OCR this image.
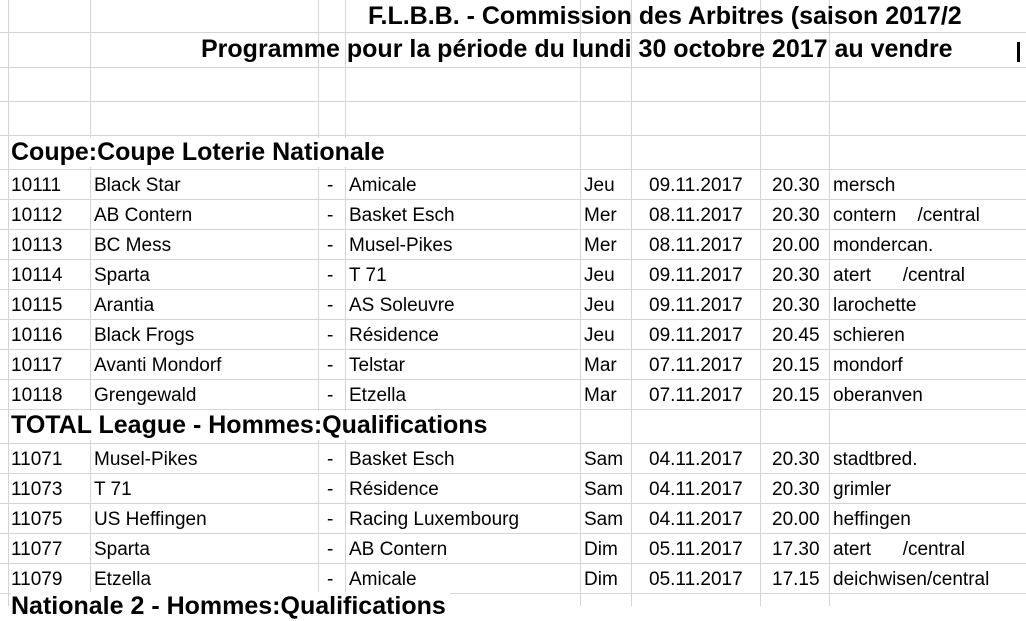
F.L.B.B. - Commission des Arbitres (saison 2017/2
Programme pour la période du lundi 30 octobre 2017 au vendre
Coupe:Coupe Loterie Nationale
10111 Black Star	- Amicale	Jeu 09.11.2017 20.30 mersch
10112 AB Contern	- Basket Esch	Mer 08.11.2017 20.30 contern    /central
10113 BC Mess	- Musel-Pikes	Mer 08.11.2017 20.00 mondercan.
10114 Sparta	- T 71	Jeu 09.11.2017 20.30 atert      /central
10115 Arantia	- AS Soleuvre	Jeu 09.11.2017 20.30 larochette
10116 Black Frogs	- Résidence	Jeu 09.11.2017 20.45 schieren
10117 Avanti Mondorf	- Telstar	Mar 07.11.2017 20.15 mondorf
10118 Grengewald	- Etzella	Mar 07.11.2017 20.15 oberanven
TOTAL League - Hommes:Qualifications
11071 Musel-Pikes	- Basket Esch	Sam 04.11.2017 20.30 stadtbred.
11073 T 71	- Résidence	Sam 04.11.2017 20.30 grimler
11075 US Heffingen	- Racing Luxembourg	Sam 04.11.2017 20.00 heffingen
11077 Sparta	- AB Contern	Dim 05.11.2017 17.30 atert      /central
11079 Etzella	- Amicale	Dim 05.11.2017 17.15 deichwisen/central
Nationale 2 - Hommes:Qualifications
